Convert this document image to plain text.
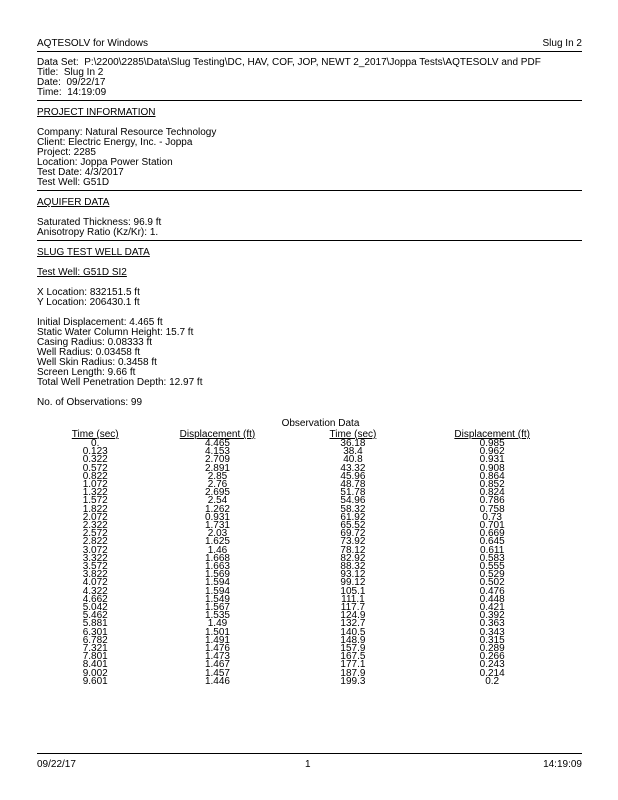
AQTESOLV for Windows	Slug In 2
Data Set: P:\2200\2285\Data\Slug Testing\DC, HAV, COF, JOP, NEWT 2_2017\Joppa Tests\AQTESOLV and PDF
Title: Slug In 2
Date: 09/22/17
Time: 14:19:09
PROJECT INFORMATION
Company: Natural Resource Technology
Client: Electric Energy, Inc. - Joppa
Project: 2285
Location: Joppa Power Station
Test Date: 4/3/2017
Test Well: G51D
AQUIFER DATA
Saturated Thickness: 96.9 ft
Anisotropy Ratio (Kz/Kr): 1.
SLUG TEST WELL DATA
Test Well: G51D SI2
X Location: 832151.5 ft
Y Location: 206430.1 ft
Initial Displacement: 4.465 ft
Static Water Column Height: 15.7 ft
Casing Radius: 0.08333 ft
Well Radius: 0.03458 ft
Well Skin Radius: 0.3458 ft
Screen Length: 9.66 ft
Total Well Penetration Depth: 12.97 ft
No. of Observations: 99
Observation Data			
Time (sec)	Displacement (ft)	Time (sec)	Displacement (ft)
0.	4.465	36.18	0.985
0.123	4.153	38.4	0.962
0.322	2.709	40.8	0.931
0.572	2.891	43.32	0.908
0.822	2.85	45.96	0.864
1.072	2.76	48.78	0.852
1.322	2.695	51.78	0.824
1.572	2.54	54.96	0.786
1.822	1.262	58.32	0.758
2.072	0.931	61.92	0.73
2.322	1.731	65.52	0.701
2.572	2.03	69.72	0.669
2.822	1.625	73.92	0.645
3.072	1.46	78.12	0.611
3.322	1.668	82.92	0.583
3.572	1.663	88.32	0.555
3.822	1.569	93.12	0.529
4.072	1.594	99.12	0.502
4.322	1.594	105.1	0.476
4.662	1.549	111.1	0.448
5.042	1.567	117.7	0.421
5.462	1.535	124.9	0.392
5.881	1.49	132.7	0.363
6.301	1.501	140.5	0.343
6.782	1.491	148.9	0.315
7.321	1.476	157.9	0.289
7.801	1.473	167.5	0.266
8.401	1.467	177.1	0.243
9.002	1.457	187.9	0.214
9.601	1.446	199.3	0.2
09/22/17	1	14:19:09
